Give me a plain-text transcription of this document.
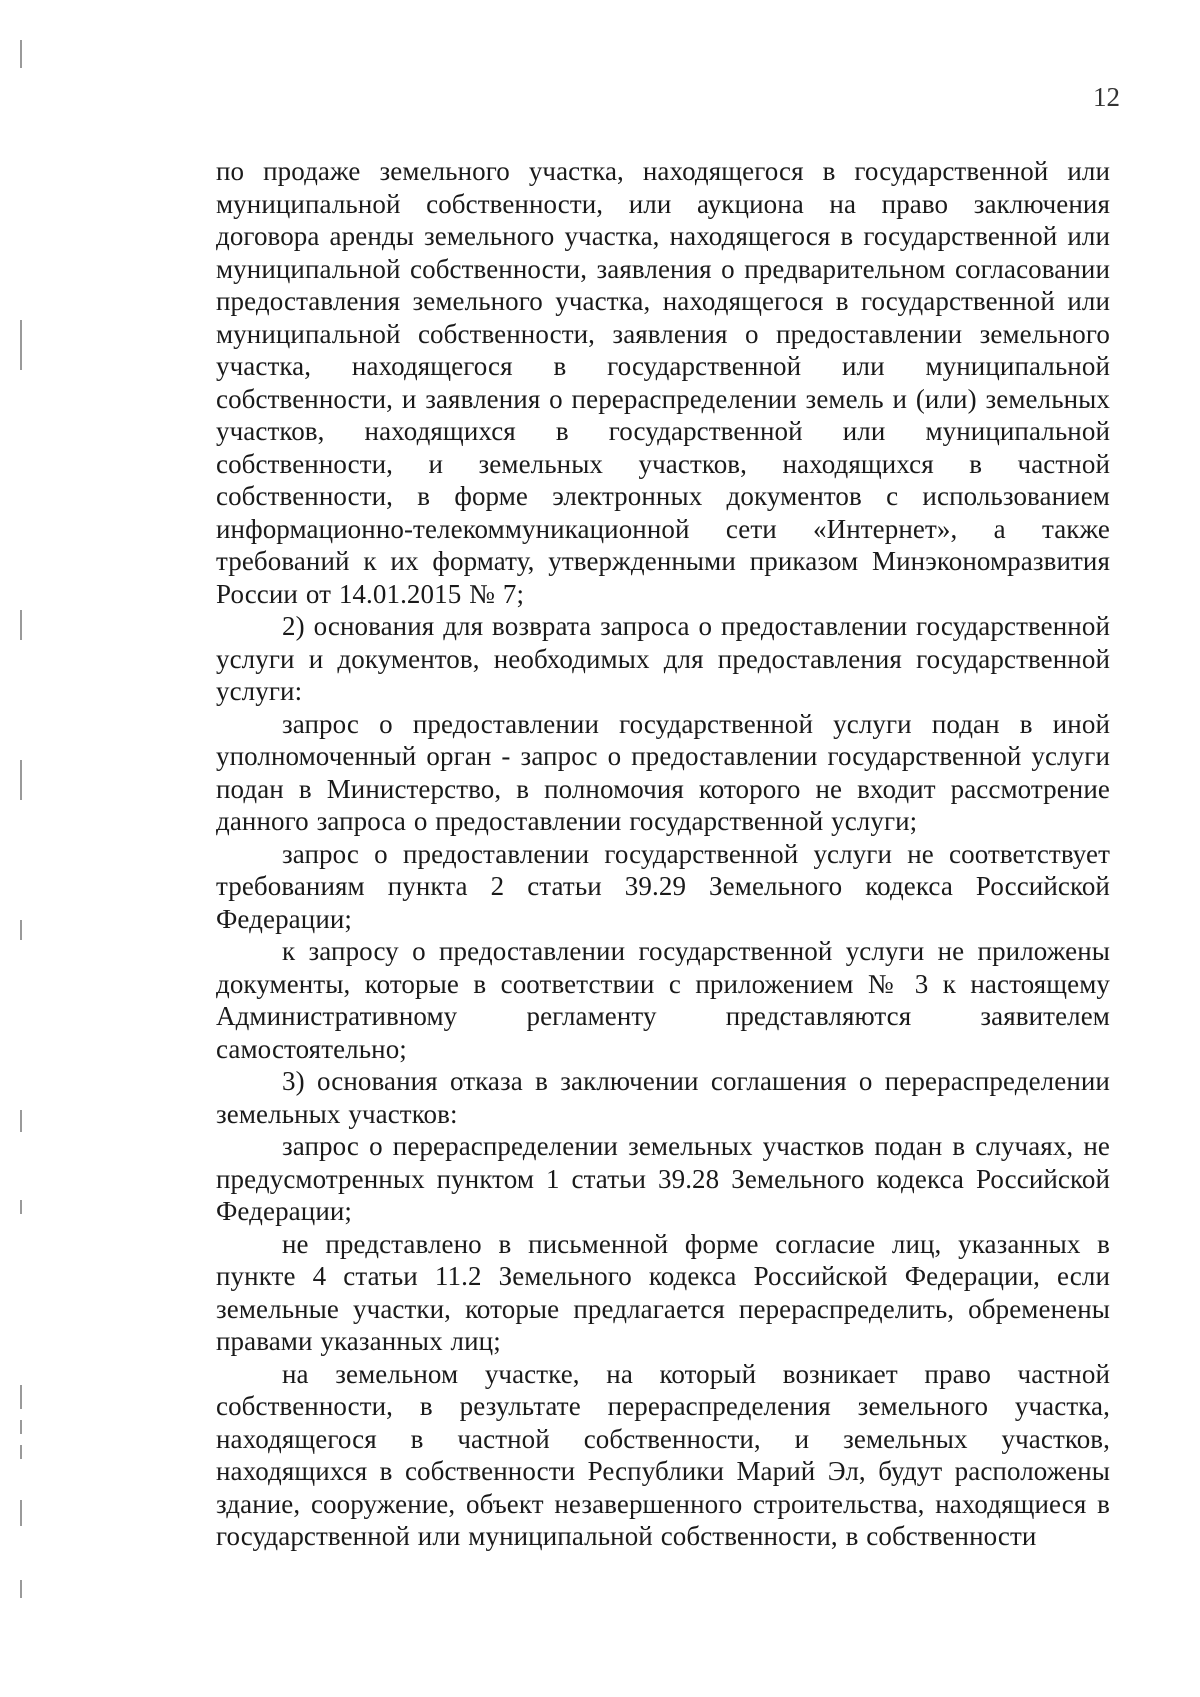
12

по продаже земельного участка, находящегося в государственной или муниципальной собственности, или аукциона на право заключения договора аренды земельного участка, находящегося в государственной или муниципальной собственности, заявления о предварительном согласовании предоставления земельного участка, находящегося в государственной или муниципальной собственности, заявления о предоставлении земельного участка, находящегося в государственной или муниципальной собственности, и заявления о перераспределении земель и (или) земельных участков, находящихся в государственной или муниципальной собственности, и земельных участков, находящихся в частной собственности, в форме электронных документов с использованием информационно-телекоммуникационной сети «Интернет», а также требований к их формату, утвержденными приказом Минэкономразвития России от 14.01.2015 № 7;

2) основания для возврата запроса о предоставлении государственной услуги и документов, необходимых для предоставления государственной услуги:

запрос о предоставлении государственной услуги подан в иной уполномоченный орган - запрос о предоставлении государственной услуги подан в Министерство, в полномочия которого не входит рассмотрение данного запроса о предоставлении государственной услуги;

запрос о предоставлении государственной услуги не соответствует требованиям пункта 2 статьи 39.29 Земельного кодекса Российской Федерации;

к запросу о предоставлении государственной услуги не приложены документы, которые в соответствии с приложением № 3 к настоящему Административному регламенту представляются заявителем самостоятельно;

3) основания отказа в заключении соглашения о перераспределении земельных участков:

запрос о перераспределении земельных участков подан в случаях, не предусмотренных пунктом 1 статьи 39.28 Земельного кодекса Российской Федерации;

не представлено в письменной форме согласие лиц, указанных в пункте 4 статьи 11.2 Земельного кодекса Российской Федерации, если земельные участки, которые предлагается перераспределить, обременены правами указанных лиц;

на земельном участке, на который возникает право частной собственности, в результате перераспределения земельного участка, находящегося в частной собственности, и земельных участков, находящихся в собственности Республики Марий Эл, будут расположены здание, сооружение, объект незавершенного строительства, находящиеся в государственной или муниципальной собственности, в собственности
